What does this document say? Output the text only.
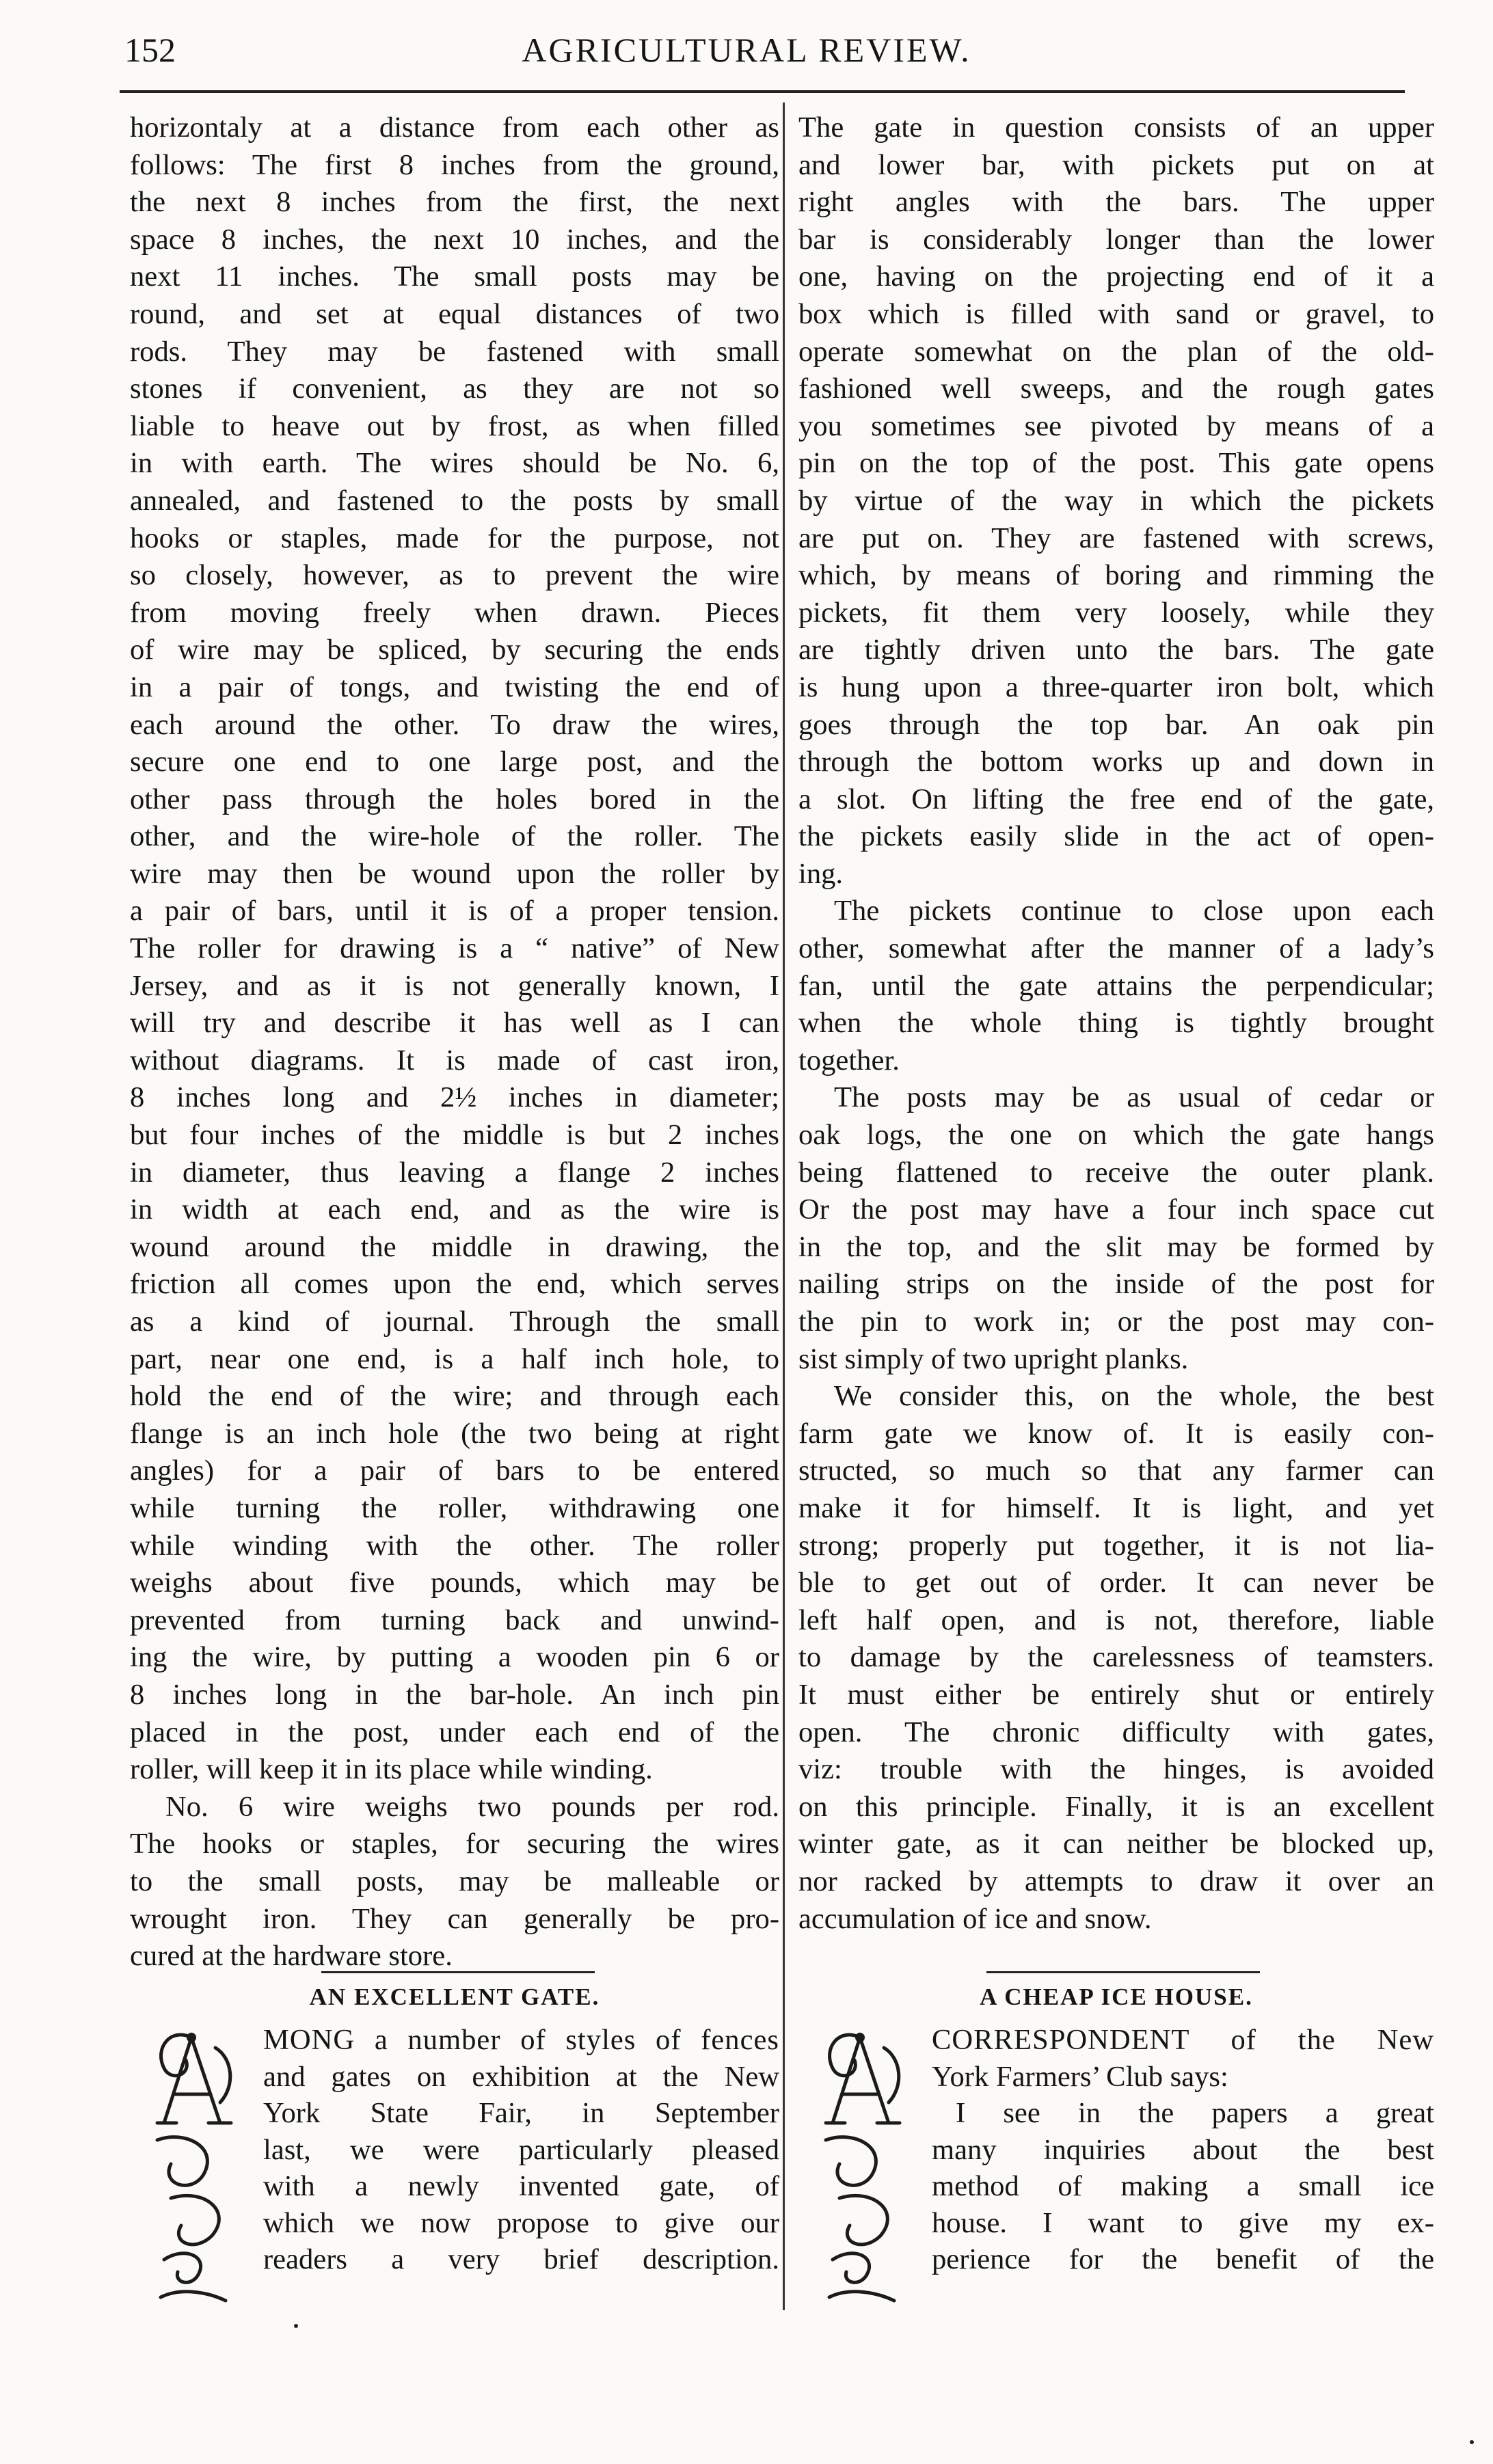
152	AGRICULTURAL REVIEW.

horizontaly at a distance from each other as

follows: The first 8 inches from the ground,

the next 8 inches from the first, the next

space 8 inches, the next 10 inches, and the

next 11 inches. The small posts may be

round, and set at equal distances of two

rods. They may be fastened with small

stones if convenient, as they are not so

liable to heave out by frost, as when filled

in with earth. The wires should be No. 6,

annealed, and fastened to the posts by small

hooks or staples, made for the purpose, not

so closely, however, as to prevent the wire

from moving freely when drawn. Pieces

of wire may be spliced, by securing the ends

in a pair of tongs, and twisting the end of

each around the other. To draw the wires,

secure one end to one large post, and the

other pass through the holes bored in the

other, and the wire-hole of the roller. The

wire may then be wound upon the roller by

a pair of bars, until it is of a proper tension.

The roller for drawing is a “ native” of New

Jersey, and as it is not generally known, I

will try and describe it has well as I can

without diagrams. It is made of cast iron,

8 inches long and 2½ inches in diameter;

but four inches of the middle is but 2 inches

in diameter, thus leaving a flange 2 inches

in width at each end, and as the wire is

wound around the middle in drawing, the

friction all comes upon the end, which serves

as a kind of journal. Through the small

part, near one end, is a half inch hole, to

hold the end of the wire; and through each

flange is an inch hole (the two being at right

angles) for a pair of bars to be entered

while turning the roller, withdrawing one

while winding with the other. The roller

weighs about five pounds, which may be

prevented from turning back and unwind-

ing the wire, by putting a wooden pin 6 or

8 inches long in the bar-hole. An inch pin

placed in the post, under each end of the

roller, will keep it in its place while winding.

No. 6 wire weighs two pounds per rod.

The hooks or staples, for securing the wires

to the small posts, may be malleable or

wrought iron. They can generally be pro-

cured at the hardware store.

The gate in question consists of an upper

and lower bar, with pickets put on at

right angles with the bars. The upper

bar is considerably longer than the lower

one, having on the projecting end of it a

box which is filled with sand or gravel, to

operate somewhat on the plan of the old-

fashioned well sweeps, and the rough gates

you sometimes see pivoted by means of a

pin on the top of the post. This gate opens

by virtue of the way in which the pickets

are put on. They are fastened with screws,

which, by means of boring and rimming the

pickets, fit them very loosely, while they

are tightly driven unto the bars. The gate

is hung upon a three-quarter iron bolt, which

goes through the top bar. An oak pin

through the bottom works up and down in

a slot. On lifting the free end of the gate,

the pickets easily slide in the act of open-

ing.

The pickets continue to close upon each

other, somewhat after the manner of a lady’s

fan, until the gate attains the perpendicular;

when the whole thing is tightly brought

together.

The posts may be as usual of cedar or

oak logs, the one on which the gate hangs

being flattened to receive the outer plank.

Or the post may have a four inch space cut

in the top, and the slit may be formed by

nailing strips on the inside of the post for

the pin to work in; or the post may con-

sist simply of two upright planks.

We consider this, on the whole, the best

farm gate we know of. It is easily con-

structed, so much so that any farmer can

make it for himself. It is light, and yet

strong; properly put together, it is not lia-

ble to get out of order. It can never be

left half open, and is not, therefore, liable

to damage by the carelessness of teamsters.

It must either be entirely shut or entirely

open. The chronic difficulty with gates,

viz: trouble with the hinges, is avoided

on this principle. Finally, it is an excellent

winter gate, as it can neither be blocked up,

nor racked by attempts to draw it over an

accumulation of ice and snow.

AN EXCELLENT GATE.

MONG a number of styles of fences

and gates on exhibition at the New

York State Fair, in September

last, we were particularly pleased

with a newly invented gate, of

which we now propose to give our

readers a very brief description.

A CHEAP ICE HOUSE.

CORRESPONDENT of the New

York Farmers’ Club says:

I see in the papers a great

many inquiries about the best

method of making a small ice

house. I want to give my ex-

perience for the benefit of the
